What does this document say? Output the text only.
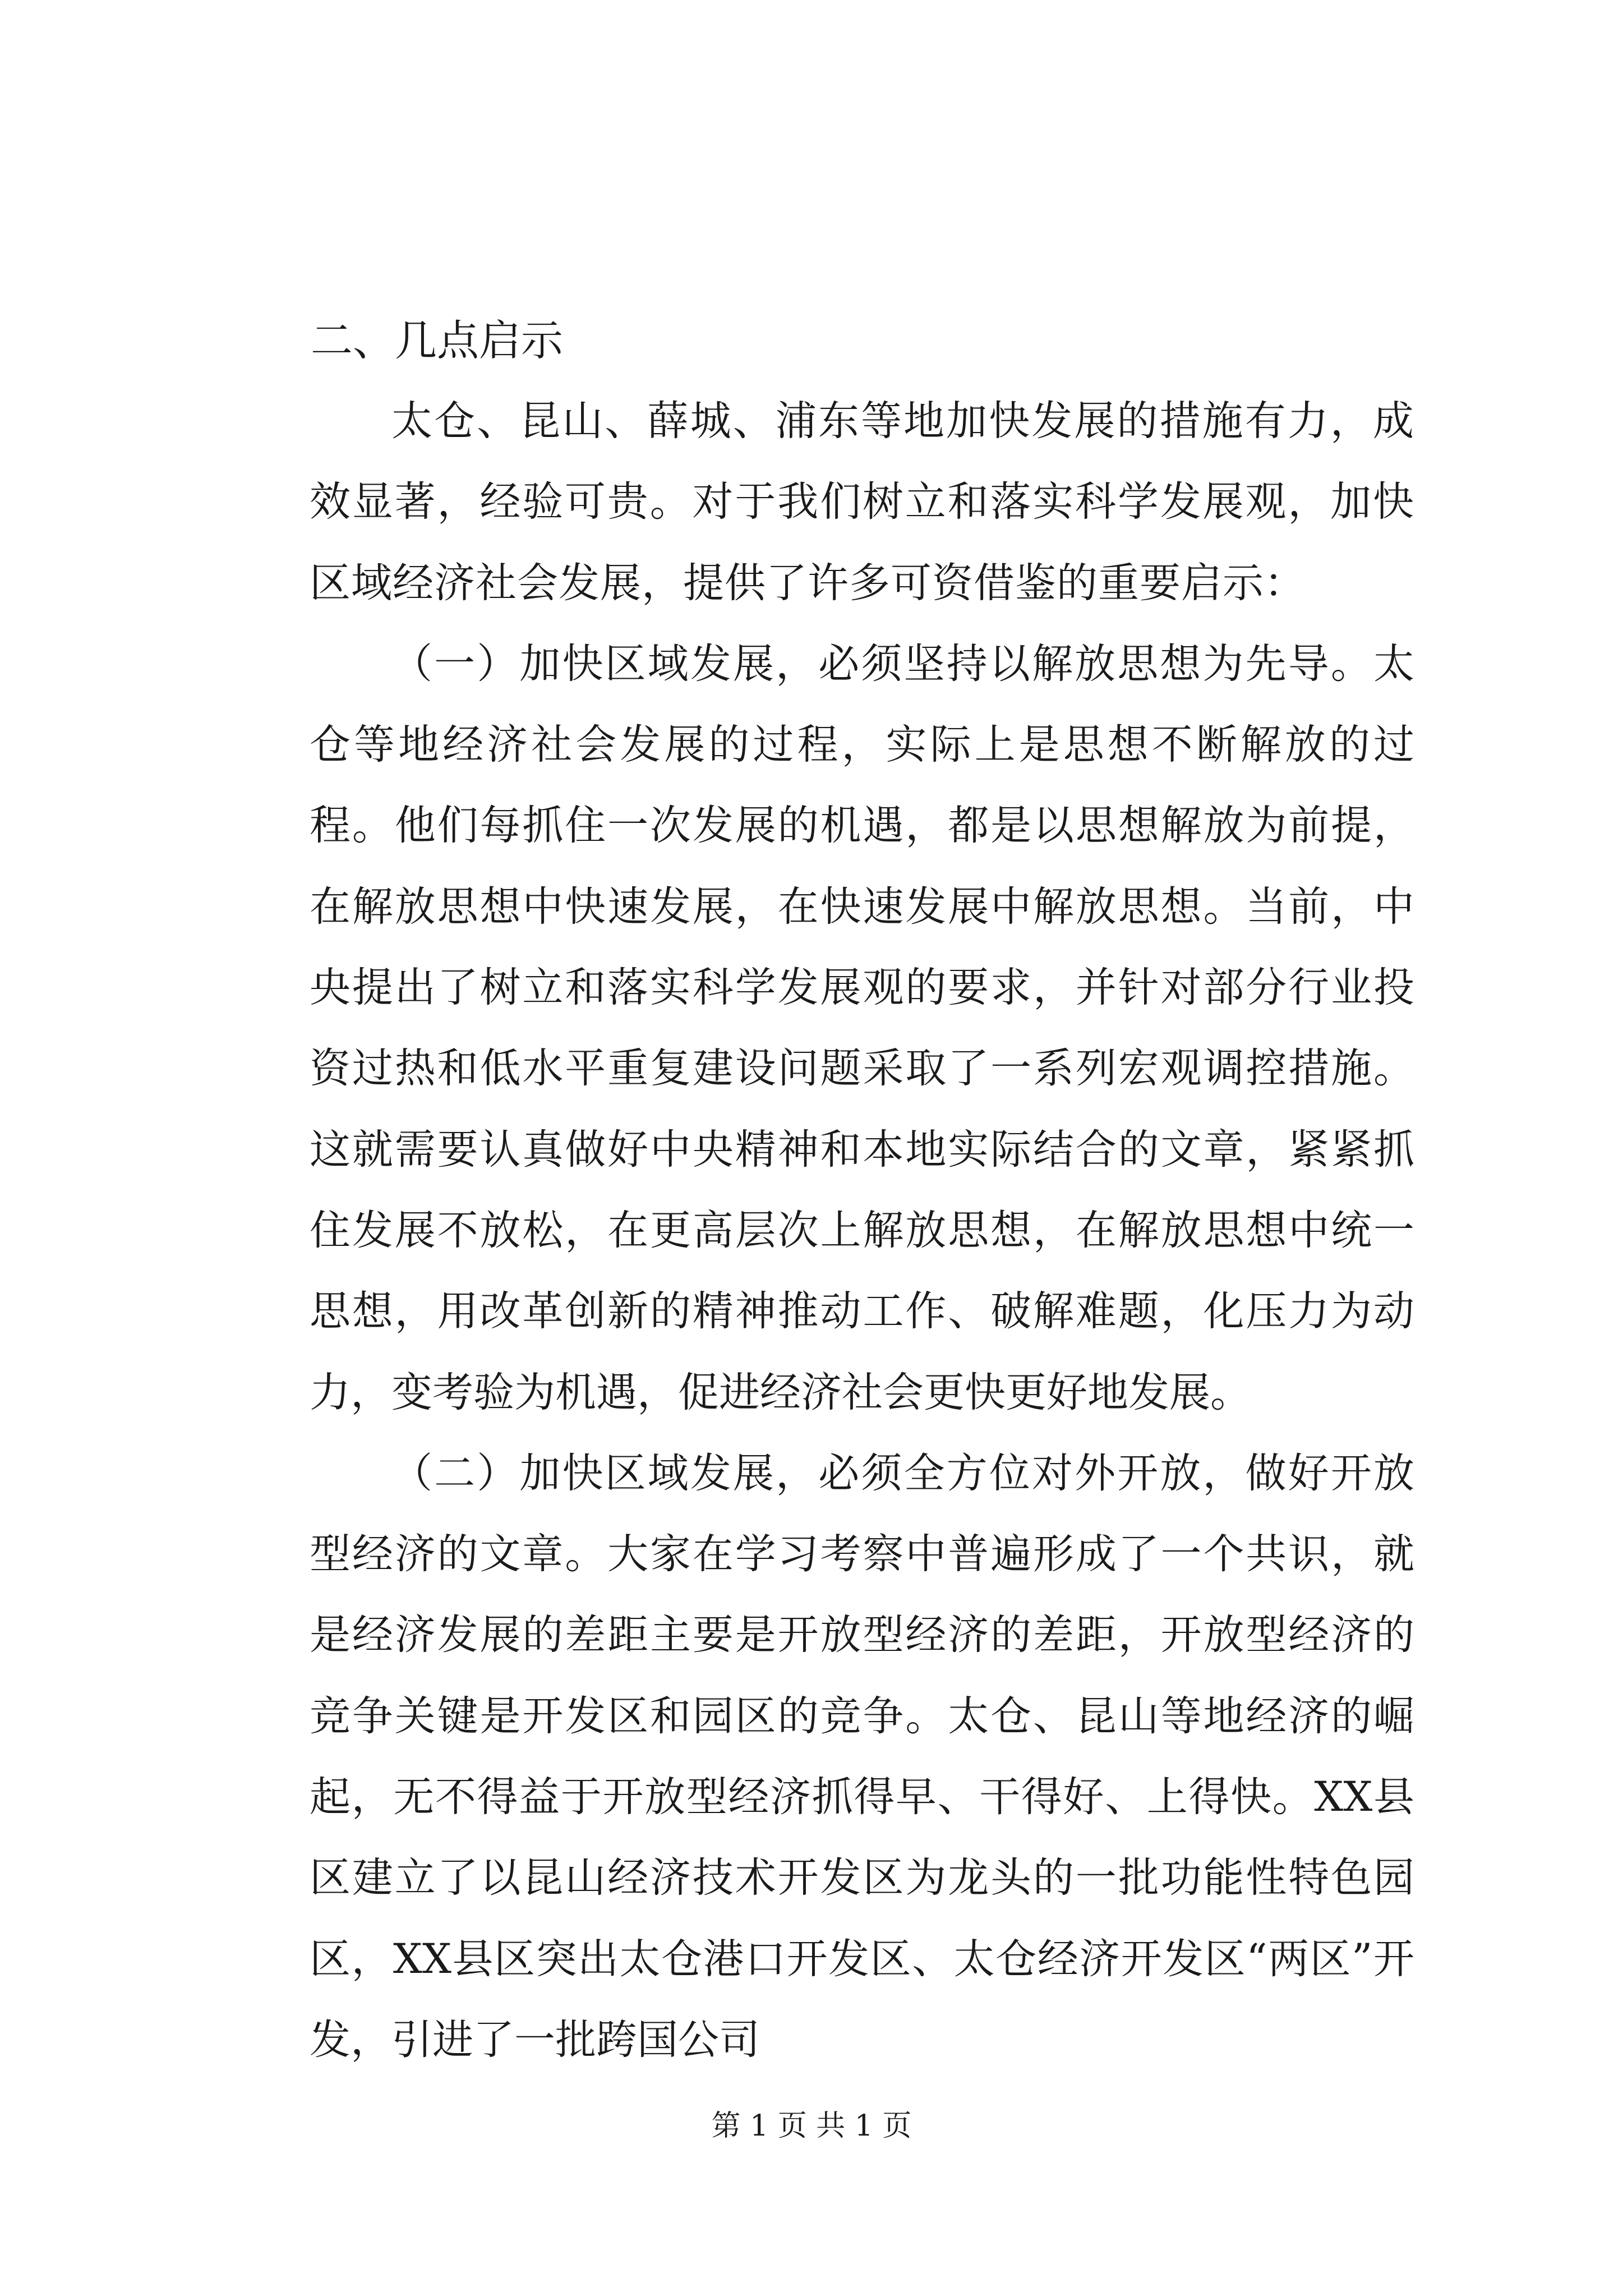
二、几点启示

太仓、昆山、薛城、浦东等地加快发展的措施有力，成效显著，经验可贵。对于我们树立和落实科学发展观，加快区域经济社会发展，提供了许多可资借鉴的重要启示：

（一）加快区域发展，必须坚持以解放思想为先导。太仓等地经济社会发展的过程，实际上是思想不断解放的过程。他们每抓住一次发展的机遇，都是以思想解放为前提，在解放思想中快速发展，在快速发展中解放思想。当前，中央提出了树立和落实科学发展观的要求，并针对部分行业投资过热和低水平重复建设问题采取了一系列宏观调控措施。这就需要认真做好中央精神和本地实际结合的文章，紧紧抓住发展不放松，在更高层次上解放思想，在解放思想中统一思想，用改革创新的精神推动工作、破解难题，化压力为动力，变考验为机遇，促进经济社会更快更好地发展。

（二）加快区域发展，必须全方位对外开放，做好开放型经济的文章。大家在学习考察中普遍形成了一个共识，就是经济发展的差距主要是开放型经济的差距，开放型经济的竞争关键是开发区和园区的竞争。太仓、昆山等地经济的崛起，无不得益于开放型经济抓得早、干得好、上得快。XX县区建立了以昆山经济技术开发区为龙头的一批功能性特色园区，XX县区突出太仓港口开发区、太仓经济开发区“两区”开发，引进了一批跨国公司

第 1 页 共 1 页
